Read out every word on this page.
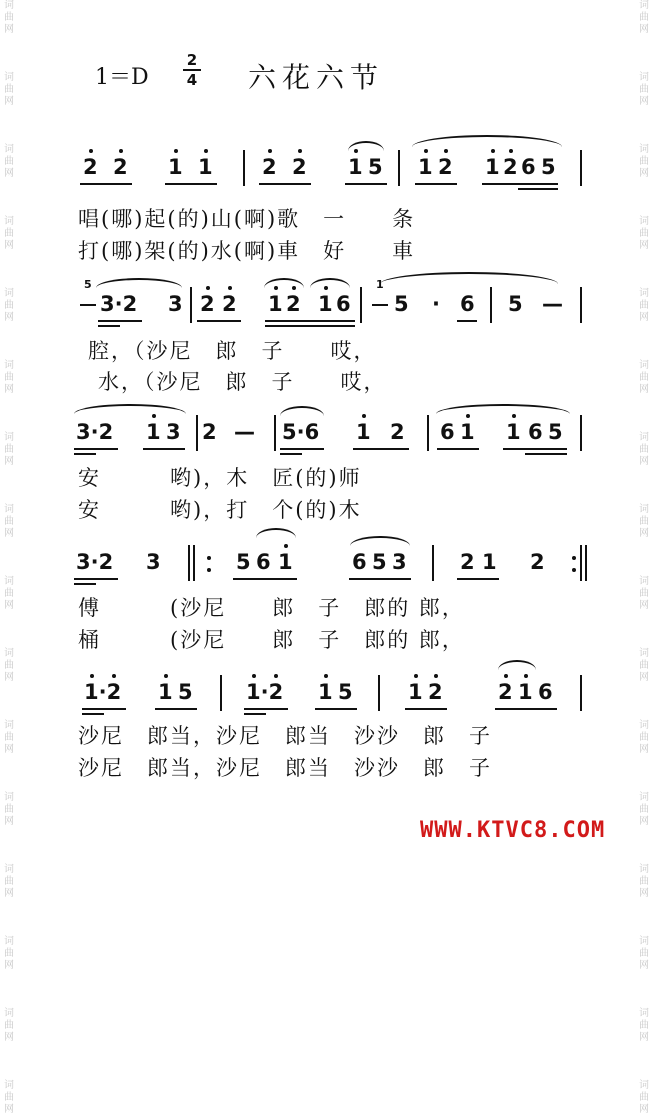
词曲网
词曲网
词曲网
词曲网
词曲网
词曲网
词曲网
词曲网
词曲网
词曲网
词曲网
词曲网
词曲网
词曲网
词曲网
词曲网
词曲网
词曲网
词曲网
词曲网
词曲网
词曲网
词曲网
词曲网
词曲网
词曲网
词曲网
词曲网
词曲网
词曲网
词曲网
词曲网
1＝D
2
4 六花六节
2 2 1 1 2 2 1 5 1 2 1 2 6 5
唱(哪)起(的)山(啊)歌　一　　条
打(哪)架(的)水(啊)車　好　　車
5
3·2 3 2 2 1 2 1 6
1
5 · 6 5 —
腔，（沙尼　郎　子　　哎，
水，（沙尼　郎　子　　哎，
3·2 1 3 2 — 5·6 1 2 6 1 1 6 5
安　　　哟)，木　匠(的)师
安　　　哟)，打　个(的)木
3·2 3	5 6 1	6 5 3	2 1 2
傅　　　(沙尼　　郎　子　郎的 郎，
桶　　　(沙尼　　郎　子　郎的 郎，
1·2 1 5	1·2 1 5	1 2	2 1 6
沙尼　郎当，沙尼　郎当　沙沙　郎　子
沙尼　郎当，沙尼　郎当　沙沙　郎　子
WWW.KTVC8.COM
